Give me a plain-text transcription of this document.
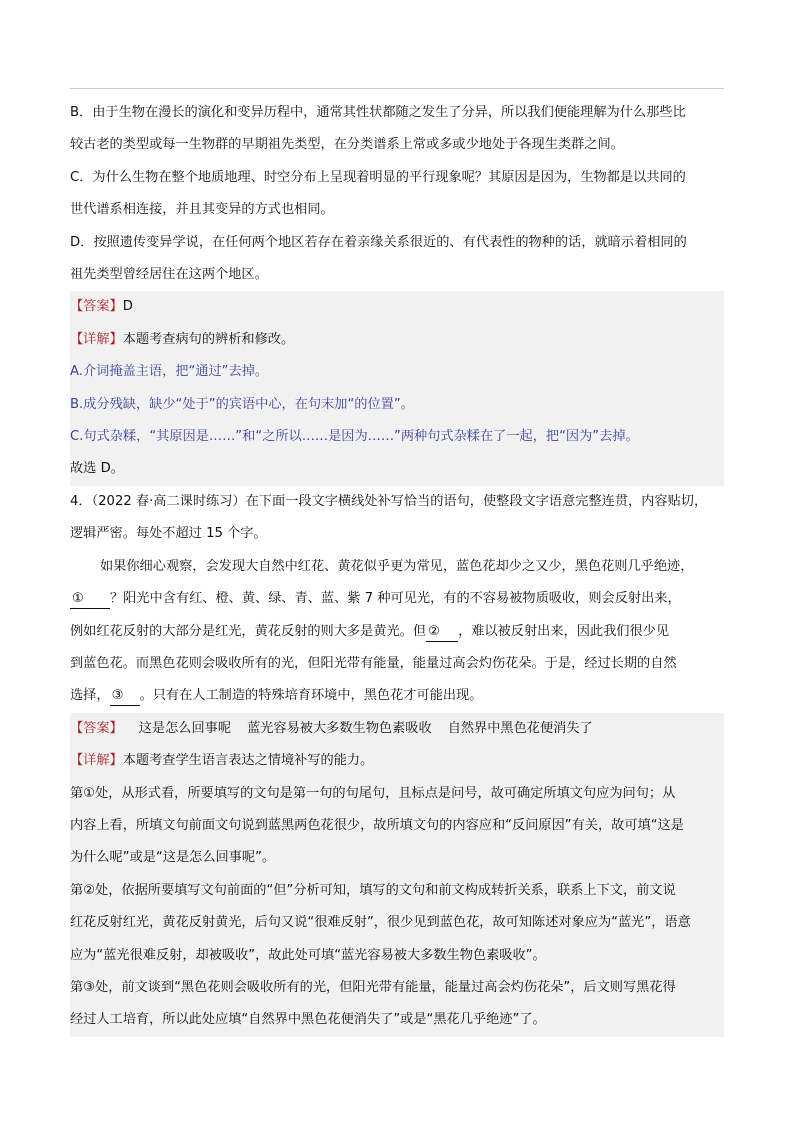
B．由于生物在漫长的演化和变异历程中，通常其性状都随之发生了分异，所以我们便能理解为什么那些比

较古老的类型或每一生物群的早期祖先类型，在分类谱系上常或多或少地处于各现生类群之间。

C．为什么生物在整个地质地理、时空分布上呈现着明显的平行现象呢？其原因是因为，生物都是以共同的

世代谱系相连接，并且其变异的方式也相同。

D．按照遗传变异学说，在任何两个地区若存在着亲缘关系很近的、有代表性的物种的话，就暗示着相同的

祖先类型曾经居住在这两个地区。

【答案】D

【详解】本题考查病句的辨析和修改。

A.介词掩盖主语，把“通过”去掉。

B.成分残缺，缺少“处于”的宾语中心，在句末加“的位置”。

C.句式杂糅，“其原因是……”和“之所以……是因为……”两种句式杂糅在了一起，把“因为”去掉。

故选 D。

4．（2022 春·高二课时练习）在下面一段文字横线处补写恰当的语句，使整段文字语意完整连贯，内容贴切，

逻辑严密。每处不超过 15 个字。

如果你细心观察，会发现大自然中红花、黄花似乎更为常见，蓝色花却少之又少，黑色花则几乎绝迹，

① ？阳光中含有红、橙、黄、绿、青、蓝、紫 7 种可见光，有的不容易被物质吸收，则会反射出来，

例如红花反射的大部分是红光，黄花反射的则大多是黄光。但 ② ，难以被反射出来，因此我们很少见

到蓝色花。而黑色花则会吸收所有的光，但阳光带有能量，能量过高会灼伤花朵。于是，经过长期的自然

选择， ③ 。只有在人工制造的特殊培育环境中，黑色花才可能出现。

【答案】 这是怎么回事呢 蓝光容易被大多数生物色素吸收 自然界中黑色花便消失了

【详解】本题考查学生语言表达之情境补写的能力。

第①处，从形式看，所要填写的文句是第一句的句尾句，且标点是问号，故可确定所填文句应为问句；从

内容上看，所填文句前面文句说到蓝黑两色花很少，故所填文句的内容应和“反问原因”有关，故可填“这是

为什么呢”或是“这是怎么回事呢”。

第②处，依据所要填写文句前面的“但”分析可知，填写的文句和前文构成转折关系，联系上下文，前文说

红花反射红光，黄花反射黄光，后句又说“很难反射”，很少见到蓝色花，故可知陈述对象应为“蓝光”，语意

应为“蓝光很难反射，却被吸收”，故此处可填“蓝光容易被大多数生物色素吸收”。

第③处，前文谈到“黑色花则会吸收所有的光，但阳光带有能量，能量过高会灼伤花朵”，后文则写黑花得

经过人工培育，所以此处应填“自然界中黑色花便消失了”或是“黑花几乎绝迹”了。
